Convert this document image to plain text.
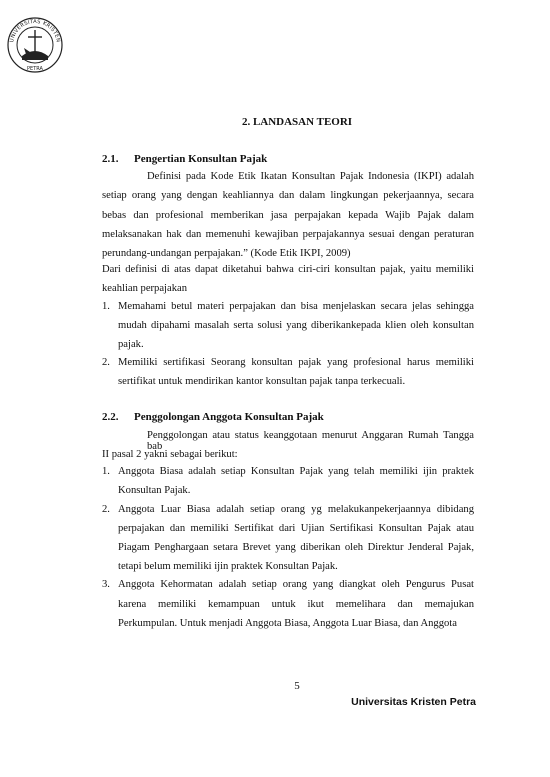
UNIVERSITAS KRISTEN
PETRA
2. LANDASAN TEORI
2.1. Pengertian Konsultan Pajak
Definisi pada Kode Etik Ikatan Konsultan Pajak Indonesia (IKPI) adalah
setiap orang yang dengan keahliannya dan dalam lingkungan pekerjaannya, secara
bebas dan profesional memberikan jasa perpajakan kepada Wajib Pajak dalam
melaksanakan hak dan memenuhi kewajiban perpajakannya sesuai dengan peraturan
perundang-undangan perpajakan.” (Kode Etik IKPI, 2009)
Dari definisi di atas dapat diketahui bahwa ciri-ciri konsultan pajak, yaitu memiliki
keahlian perpajakan
1. Memahami betul materi perpajakan dan bisa menjelaskan secara jelas sehingga
mudah dipahami masalah serta solusi yang diberikankepada klien oleh konsultan
pajak.
2. Memiliki sertifikasi Seorang konsultan pajak yang profesional harus memiliki
sertifikat untuk mendirikan kantor konsultan pajak tanpa terkecuali.
2.2. Penggolongan Anggota Konsultan Pajak
Penggolongan atau status keanggotaan menurut Anggaran Rumah Tangga bab
II pasal 2 yakni sebagai berikut:
1. Anggota Biasa adalah setiap Konsultan Pajak yang telah memiliki ijin praktek
Konsultan Pajak.
2. Anggota Luar Biasa adalah setiap orang yg melakukanpekerjaannya dibidang
perpajakan dan memiliki Sertifikat dari Ujian Sertifikasi Konsultan Pajak atau
Piagam Penghargaan setara Brevet yang diberikan oleh Direktur Jenderal Pajak,
tetapi belum memiliki ijin praktek Konsultan Pajak.
3. Anggota Kehormatan adalah setiap orang yang diangkat oleh Pengurus Pusat
karena memiliki kemampuan untuk ikut memelihara dan memajukan
Perkumpulan. Untuk menjadi Anggota Biasa, Anggota Luar Biasa, dan Anggota
5
Universitas Kristen Petra
